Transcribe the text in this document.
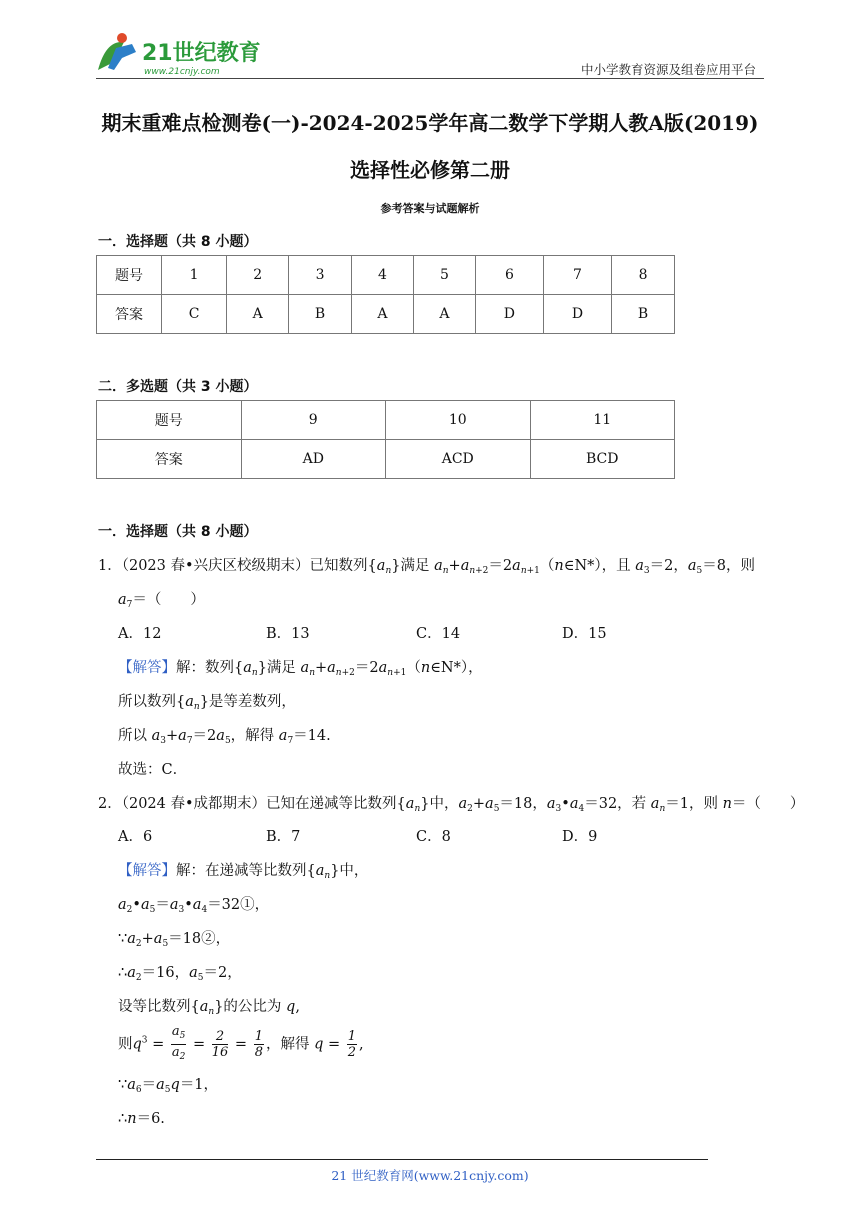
21世纪教育
www.21cnjy.com	中小学教育资源及组卷应用平台
期末重难点检测卷(一)-2024-2025学年高二数学下学期人教A版(2019)
选择性必修第二册
参考答案与试题解析
一．选择题（共 8 小题）
题号	1	2	3	4	5	6	7	8
答案	C	A	B	A	A	D	D	B
二．多选题（共 3 小题）
题号	9	10	11
答案	AD	ACD	BCD
一．选择题（共 8 小题）
1．（2023 春•兴庆区校级期末）已知数列$\{a_n\}$满足 $a_n+a_{n+2}=2a_{n+1}(n\in N*)$，且 $a_3=2$，$a_5=8$，则
$a_7=$（　　）
A．12	B．13	C．14	D．15
【解答】解：数列$\{a_n\}$满足 $a_n+a_{n+2}=2a_{n+1}(n\in N*)$，
所以数列$\{a_n\}$是等差数列，
所以 $a_3+a_7=2a_5$，解得 $a_7=14$.
故选：C．
2．（2024 春•成都期末）已知在递减等比数列$\{a_n\}$中，$a_2+a_5=18$，$a_3•a_4=32$，若 $a_n=1$，则 n＝（　　）
A．6	B．7	C．8	D．9
【解答】解：在递减等比数列$\{a_n\}$中，
$a_2•a_5=a_3•a_4=32①$，
$\because a_2+a_5=18②$，
$\therefore a_2=16$，$a_5=2$，
设等比数列$\{a_n\}$的公比为 q,
则$q^3 = \frac{a_5}{a_2} = \frac{2}{16} = \frac{1}{8}$ ，解得 $q = \frac{1}{2}$ ,
$\because a_6=a_5q=1$，
∴n＝6.
21 世纪教育网(www.21cnjy.com)
